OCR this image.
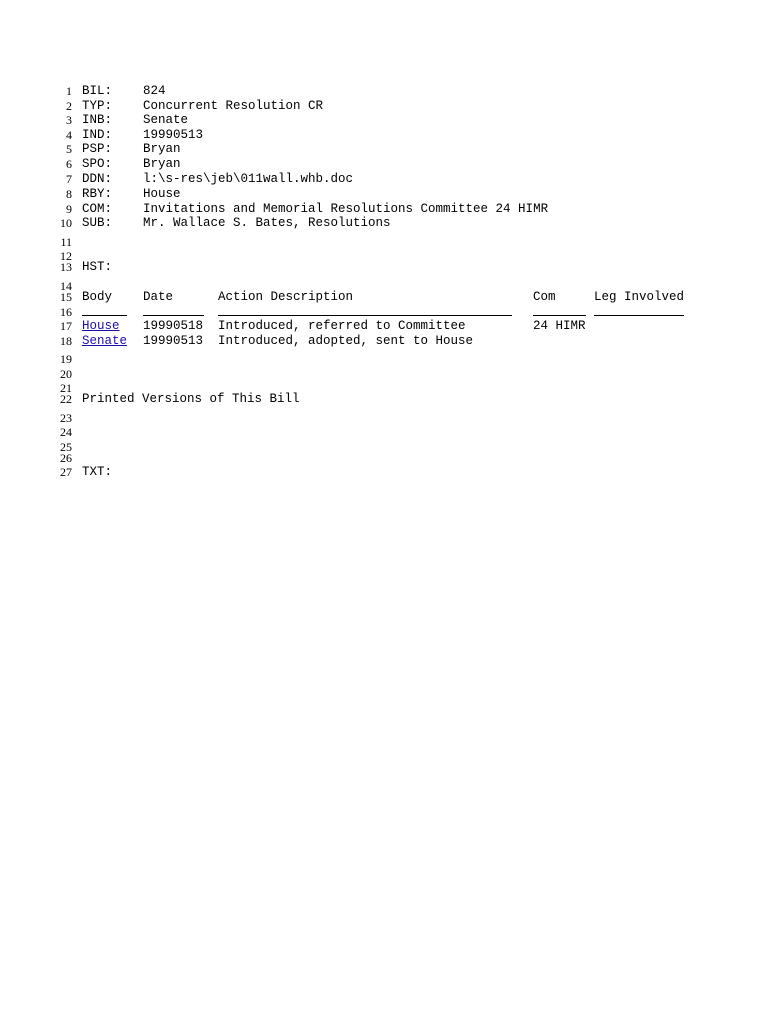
1
2
3
4
5
6
7
8
9
10
11
12
13
14
15
16
17
18
19
20
21
22
23
24
25
26
27
BIL: 824
TYP: Concurrent Resolution CR
INB: Senate
IND: 19990513
PSP: Bryan
SPO: Bryan
DDN: l:\s-res\jeb\011wall.whb.doc
RBY: House
COM: Invitations and Memorial Resolutions Committee 24 HIMR
SUB: Mr. Wallace S. Bates, Resolutions
HST:
Body Date	Action Description	Com	Leg Involved
House 19990518 Introduced, referred to Committee	24 HIMR
Senate 19990513 Introduced, adopted, sent to House
Printed Versions of This Bill
TXT:
